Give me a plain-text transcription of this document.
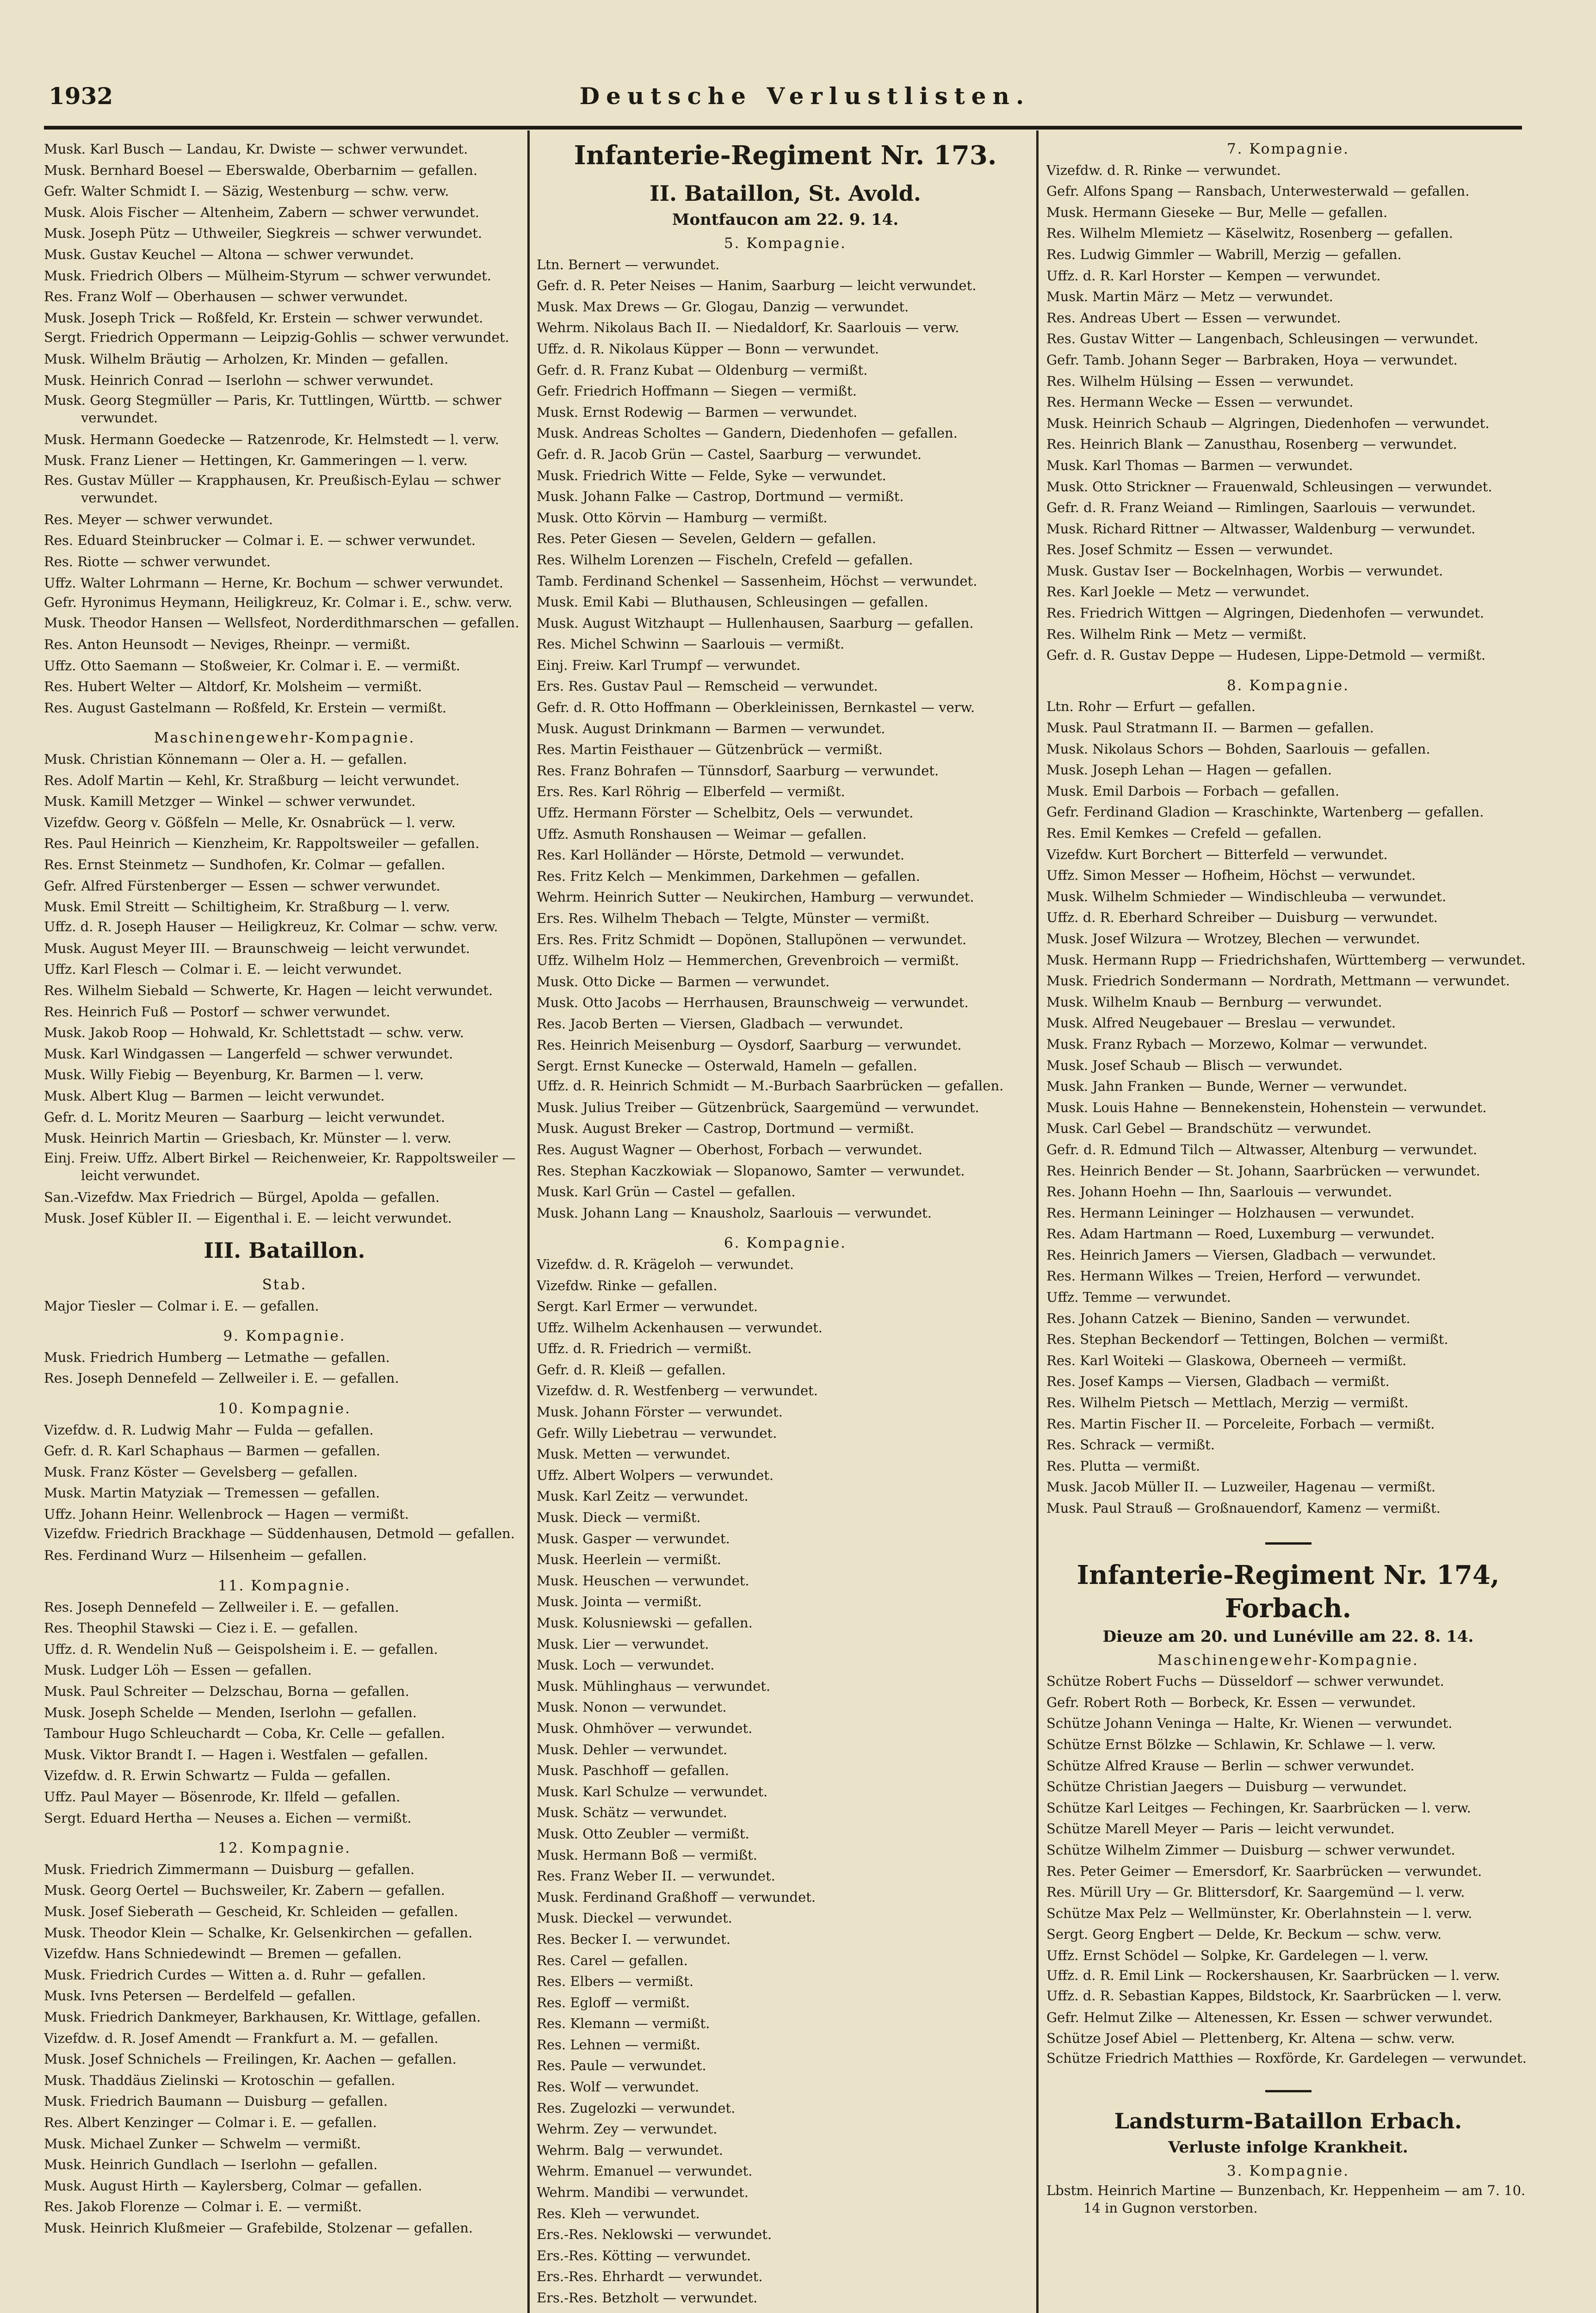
1932	Deutsche Verlustlisten.
Musk. Karl Busch — Landau, Kr. Dwiste — schwer verwundet.
Musk. Bernhard Boesel — Eberswalde, Oberbarnim — gefallen.
Gefr. Walter Schmidt I. — Säzig, Westenburg — schw. verw.
Musk. Alois Fischer — Altenheim, Zabern — schwer verwundet.
Musk. Joseph Pütz — Uthweiler, Siegkreis — schwer verwundet.
Musk. Gustav Keuchel — Altona — schwer verwundet.
Musk. Friedrich Olbers — Mülheim-Styrum — schwer verwundet.
Res. Franz Wolf — Oberhausen — schwer verwundet.
Musk. Joseph Trick — Roßfeld, Kr. Erstein — schwer verwundet.
Sergt. Friedrich Oppermann — Leipzig-Gohlis — schwer verwundet.
Musk. Wilhelm Bräutig — Arholzen, Kr. Minden — gefallen.
Musk. Heinrich Conrad — Iserlohn — schwer verwundet.
Musk. Georg Stegmüller — Paris, Kr. Tuttlingen, Württb. — schwer verwundet.
Musk. Hermann Goedecke — Ratzenrode, Kr. Helmstedt — l. verw.
Musk. Franz Liener — Hettingen, Kr. Gammeringen — l. verw.
Res. Gustav Müller — Krapphausen, Kr. Preußisch-Eylau — schwer verwundet.
Res. Meyer — schwer verwundet.
Res. Eduard Steinbrucker — Colmar i. E. — schwer verwundet.
Res. Riotte — schwer verwundet.
Uffz. Walter Lohrmann — Herne, Kr. Bochum — schwer verwundet.
Gefr. Hyronimus Heymann, Heiligkreuz, Kr. Colmar i. E., schw. verw.
Musk. Theodor Hansen — Wellsfeot, Norderdithmarschen — gefallen.
Res. Anton Heunsodt — Neviges, Rheinpr. — vermißt.
Uffz. Otto Saemann — Stoßweier, Kr. Colmar i. E. — vermißt.
Res. Hubert Welter — Altdorf, Kr. Molsheim — vermißt.
Res. August Gastelmann — Roßfeld, Kr. Erstein — vermißt.
Maschinengewehr-Kompagnie.
Musk. Christian Könnemann — Oler a. H. — gefallen.
Res. Adolf Martin — Kehl, Kr. Straßburg — leicht verwundet.
Musk. Kamill Metzger — Winkel — schwer verwundet.
Vizefdw. Georg v. Gößfeln — Melle, Kr. Osnabrück — l. verw.
Res. Paul Heinrich — Kienzheim, Kr. Rappoltsweiler — gefallen.
Res. Ernst Steinmetz — Sundhofen, Kr. Colmar — gefallen.
Gefr. Alfred Fürstenberger — Essen — schwer verwundet.
Musk. Emil Streitt — Schiltigheim, Kr. Straßburg — l. verw.
Uffz. d. R. Joseph Hauser — Heiligkreuz, Kr. Colmar — schw. verw.
Musk. August Meyer III. — Braunschweig — leicht verwundet.
Uffz. Karl Flesch — Colmar i. E. — leicht verwundet.
Res. Wilhelm Siebald — Schwerte, Kr. Hagen — leicht verwundet.
Res. Heinrich Fuß — Postorf — schwer verwundet.
Musk. Jakob Roop — Hohwald, Kr. Schlettstadt — schw. verw.
Musk. Karl Windgassen — Langerfeld — schwer verwundet.
Musk. Willy Fiebig — Beyenburg, Kr. Barmen — l. verw.
Musk. Albert Klug — Barmen — leicht verwundet.
Gefr. d. L. Moritz Meuren — Saarburg — leicht verwundet.
Musk. Heinrich Martin — Griesbach, Kr. Münster — l. verw.
Einj. Freiw. Uffz. Albert Birkel — Reichenweier, Kr. Rappoltsweiler — leicht verwundet.
San.-Vizefdw. Max Friedrich — Bürgel, Apolda — gefallen.
Musk. Josef Kübler II. — Eigenthal i. E. — leicht verwundet.
III. Bataillon.
Stab.
Major Tiesler — Colmar i. E. — gefallen.
9. Kompagnie.
Musk. Friedrich Humberg — Letmathe — gefallen.
Res. Joseph Dennefeld — Zellweiler i. E. — gefallen.
10. Kompagnie.
Vizefdw. d. R. Ludwig Mahr — Fulda — gefallen.
Gefr. d. R. Karl Schaphaus — Barmen — gefallen.
Musk. Franz Köster — Gevelsberg — gefallen.
Musk. Martin Matyziak — Tremessen — gefallen.
Uffz. Johann Heinr. Wellenbrock — Hagen — vermißt.
Vizefdw. Friedrich Brackhage — Süddenhausen, Detmold — gefallen.
Res. Ferdinand Wurz — Hilsenheim — gefallen.
11. Kompagnie.
Res. Joseph Dennefeld — Zellweiler i. E. — gefallen.
Res. Theophil Stawski — Ciez i. E. — gefallen.
Uffz. d. R. Wendelin Nuß — Geispolsheim i. E. — gefallen.
Musk. Ludger Löh — Essen — gefallen.
Musk. Paul Schreiter — Delzschau, Borna — gefallen.
Musk. Joseph Schelde — Menden, Iserlohn — gefallen.
Tambour Hugo Schleuchardt — Coba, Kr. Celle — gefallen.
Musk. Viktor Brandt I. — Hagen i. Westfalen — gefallen.
Vizefdw. d. R. Erwin Schwartz — Fulda — gefallen.
Uffz. Paul Mayer — Bösenrode, Kr. Ilfeld — gefallen.
Sergt. Eduard Hertha — Neuses a. Eichen — vermißt.
12. Kompagnie.
Musk. Friedrich Zimmermann — Duisburg — gefallen.
Musk. Georg Oertel — Buchsweiler, Kr. Zabern — gefallen.
Musk. Josef Sieberath — Gescheid, Kr. Schleiden — gefallen.
Musk. Theodor Klein — Schalke, Kr. Gelsenkirchen — gefallen.
Vizefdw. Hans Schniedewindt — Bremen — gefallen.
Musk. Friedrich Curdes — Witten a. d. Ruhr — gefallen.
Musk. Ivns Petersen — Berdelfeld — gefallen.
Musk. Friedrich Dankmeyer, Barkhausen, Kr. Wittlage, gefallen.
Vizefdw. d. R. Josef Amendt — Frankfurt a. M. — gefallen.
Musk. Josef Schnichels — Freilingen, Kr. Aachen — gefallen.
Musk. Thaddäus Zielinski — Krotoschin — gefallen.
Musk. Friedrich Baumann — Duisburg — gefallen.
Res. Albert Kenzinger — Colmar i. E. — gefallen.
Musk. Michael Zunker — Schwelm — vermißt.
Musk. Heinrich Gundlach — Iserlohn — gefallen.
Musk. August Hirth — Kaylersberg, Colmar — gefallen.
Res. Jakob Florenze — Colmar i. E. — vermißt.
Musk. Heinrich Klußmeier — Grafebilde, Stolzenar — gefallen.
Infanterie-Regiment Nr. 173.
II. Bataillon, St. Avold.
Montfaucon am 22. 9. 14.
5. Kompagnie.
Ltn. Bernert — verwundet.
Gefr. d. R. Peter Neises — Hanim, Saarburg — leicht verwundet.
Musk. Max Drews — Gr. Glogau, Danzig — verwundet.
Wehrm. Nikolaus Bach II. — Niedaldorf, Kr. Saarlouis — verw.
Uffz. d. R. Nikolaus Küpper — Bonn — verwundet.
Gefr. d. R. Franz Kubat — Oldenburg — vermißt.
Gefr. Friedrich Hoffmann — Siegen — vermißt.
Musk. Ernst Rodewig — Barmen — verwundet.
Musk. Andreas Scholtes — Gandern, Diedenhofen — gefallen.
Gefr. d. R. Jacob Grün — Castel, Saarburg — verwundet.
Musk. Friedrich Witte — Felde, Syke — verwundet.
Musk. Johann Falke — Castrop, Dortmund — vermißt.
Musk. Otto Körvin — Hamburg — vermißt.
Res. Peter Giesen — Sevelen, Geldern — gefallen.
Res. Wilhelm Lorenzen — Fischeln, Crefeld — gefallen.
Tamb. Ferdinand Schenkel — Sassenheim, Höchst — verwundet.
Musk. Emil Kabi — Bluthausen, Schleusingen — gefallen.
Musk. August Witzhaupt — Hullenhausen, Saarburg — gefallen.
Res. Michel Schwinn — Saarlouis — vermißt.
Einj. Freiw. Karl Trumpf — verwundet.
Ers. Res. Gustav Paul — Remscheid — verwundet.
Gefr. d. R. Otto Hoffmann — Oberkleinissen, Bernkastel — verw.
Musk. August Drinkmann — Barmen — verwundet.
Res. Martin Feisthauer — Gützenbrück — vermißt.
Res. Franz Bohrafen — Tünnsdorf, Saarburg — verwundet.
Ers. Res. Karl Röhrig — Elberfeld — vermißt.
Uffz. Hermann Förster — Schelbitz, Oels — verwundet.
Uffz. Asmuth Ronshausen — Weimar — gefallen.
Res. Karl Holländer — Hörste, Detmold — verwundet.
Res. Fritz Kelch — Menkimmen, Darkehmen — gefallen.
Wehrm. Heinrich Sutter — Neukirchen, Hamburg — verwundet.
Ers. Res. Wilhelm Thebach — Telgte, Münster — vermißt.
Ers. Res. Fritz Schmidt — Dopönen, Stallupönen — verwundet.
Uffz. Wilhelm Holz — Hemmerchen, Grevenbroich — vermißt.
Musk. Otto Dicke — Barmen — verwundet.
Musk. Otto Jacobs — Herrhausen, Braunschweig — verwundet.
Res. Jacob Berten — Viersen, Gladbach — verwundet.
Res. Heinrich Meisenburg — Oysdorf, Saarburg — verwundet.
Sergt. Ernst Kunecke — Osterwald, Hameln — gefallen.
Uffz. d. R. Heinrich Schmidt — M.-Burbach Saarbrücken — gefallen.
Musk. Julius Treiber — Gützenbrück, Saargemünd — verwundet.
Musk. August Breker — Castrop, Dortmund — vermißt.
Res. August Wagner — Oberhost, Forbach — verwundet.
Res. Stephan Kaczkowiak — Slopanowo, Samter — verwundet.
Musk. Karl Grün — Castel — gefallen.
Musk. Johann Lang — Knausholz, Saarlouis — verwundet.
6. Kompagnie.
Vizefdw. d. R. Krägeloh — verwundet.
Vizefdw. Rinke — gefallen.
Sergt. Karl Ermer — verwundet.
Uffz. Wilhelm Ackenhausen — verwundet.
Uffz. d. R. Friedrich — vermißt.
Gefr. d. R. Kleiß — gefallen.
Vizefdw. d. R. Westfenberg — verwundet.
Musk. Johann Förster — verwundet.
Gefr. Willy Liebetrau — verwundet.
Musk. Metten — verwundet.
Uffz. Albert Wolpers — verwundet.
Musk. Karl Zeitz — verwundet.
Musk. Dieck — vermißt.
Musk. Gasper — verwundet.
Musk. Heerlein — vermißt.
Musk. Heuschen — verwundet.
Musk. Jointa — vermißt.
Musk. Kolusniewski — gefallen.
Musk. Lier — verwundet.
Musk. Loch — verwundet.
Musk. Mühlinghaus — verwundet.
Musk. Nonon — verwundet.
Musk. Ohmhöver — verwundet.
Musk. Dehler — verwundet.
Musk. Paschhoff — gefallen.
Musk. Karl Schulze — verwundet.
Musk. Schätz — verwundet.
Musk. Otto Zeubler — vermißt.
Musk. Hermann Boß — vermißt.
Res. Franz Weber II. — verwundet.
Musk. Ferdinand Graßhoff — verwundet.
Musk. Dieckel — verwundet.
Res. Becker I. — verwundet.
Res. Carel — gefallen.
Res. Elbers — vermißt.
Res. Egloff — vermißt.
Res. Klemann — vermißt.
Res. Lehnen — vermißt.
Res. Paule — verwundet.
Res. Wolf — verwundet.
Res. Zugelozki — verwundet.
Wehrm. Zey — verwundet.
Wehrm. Balg — verwundet.
Wehrm. Emanuel — verwundet.
Wehrm. Mandibi — verwundet.
Res. Kleh — verwundet.
Ers.-Res. Neklowski — verwundet.
Ers.-Res. Kötting — verwundet.
Ers.-Res. Ehrhardt — verwundet.
Ers.-Res. Betzholt — verwundet.
7. Kompagnie.
Vizefdw. d. R. Rinke — verwundet.
Gefr. Alfons Spang — Ransbach, Unterwesterwald — gefallen.
Musk. Hermann Gieseke — Bur, Melle — gefallen.
Res. Wilhelm Mlemietz — Käselwitz, Rosenberg — gefallen.
Res. Ludwig Gimmler — Wabrill, Merzig — gefallen.
Uffz. d. R. Karl Horster — Kempen — verwundet.
Musk. Martin März — Metz — verwundet.
Res. Andreas Ubert — Essen — verwundet.
Res. Gustav Witter — Langenbach, Schleusingen — verwundet.
Gefr. Tamb. Johann Seger — Barbraken, Hoya — verwundet.
Res. Wilhelm Hülsing — Essen — verwundet.
Res. Hermann Wecke — Essen — verwundet.
Musk. Heinrich Schaub — Algringen, Diedenhofen — verwundet.
Res. Heinrich Blank — Zanusthau, Rosenberg — verwundet.
Musk. Karl Thomas — Barmen — verwundet.
Musk. Otto Strickner — Frauenwald, Schleusingen — verwundet.
Gefr. d. R. Franz Weiand — Rimlingen, Saarlouis — verwundet.
Musk. Richard Rittner — Altwasser, Waldenburg — verwundet.
Res. Josef Schmitz — Essen — verwundet.
Musk. Gustav Iser — Bockelnhagen, Worbis — verwundet.
Res. Karl Joekle — Metz — verwundet.
Res. Friedrich Wittgen — Algringen, Diedenhofen — verwundet.
Res. Wilhelm Rink — Metz — vermißt.
Gefr. d. R. Gustav Deppe — Hudesen, Lippe-Detmold — vermißt.
8. Kompagnie.
Ltn. Rohr — Erfurt — gefallen.
Musk. Paul Stratmann II. — Barmen — gefallen.
Musk. Nikolaus Schors — Bohden, Saarlouis — gefallen.
Musk. Joseph Lehan — Hagen — gefallen.
Musk. Emil Darbois — Forbach — gefallen.
Gefr. Ferdinand Gladion — Kraschinkte, Wartenberg — gefallen.
Res. Emil Kemkes — Crefeld — gefallen.
Vizefdw. Kurt Borchert — Bitterfeld — verwundet.
Uffz. Simon Messer — Hofheim, Höchst — verwundet.
Musk. Wilhelm Schmieder — Windischleuba — verwundet.
Uffz. d. R. Eberhard Schreiber — Duisburg — verwundet.
Musk. Josef Wilzura — Wrotzey, Blechen — verwundet.
Musk. Hermann Rupp — Friedrichshafen, Württemberg — verwundet.
Musk. Friedrich Sondermann — Nordrath, Mettmann — verwundet.
Musk. Wilhelm Knaub — Bernburg — verwundet.
Musk. Alfred Neugebauer — Breslau — verwundet.
Musk. Franz Rybach — Morzewo, Kolmar — verwundet.
Musk. Josef Schaub — Blisch — verwundet.
Musk. Jahn Franken — Bunde, Werner — verwundet.
Musk. Louis Hahne — Bennekenstein, Hohenstein — verwundet.
Musk. Carl Gebel — Brandschütz — verwundet.
Gefr. d. R. Edmund Tilch — Altwasser, Altenburg — verwundet.
Res. Heinrich Bender — St. Johann, Saarbrücken — verwundet.
Res. Johann Hoehn — Ihn, Saarlouis — verwundet.
Res. Hermann Leininger — Holzhausen — verwundet.
Res. Adam Hartmann — Roed, Luxemburg — verwundet.
Res. Heinrich Jamers — Viersen, Gladbach — verwundet.
Res. Hermann Wilkes — Treien, Herford — verwundet.
Uffz. Temme — verwundet.
Res. Johann Catzek — Bienino, Sanden — verwundet.
Res. Stephan Beckendorf — Tettingen, Bolchen — vermißt.
Res. Karl Woiteki — Glaskowa, Oberneeh — vermißt.
Res. Josef Kamps — Viersen, Gladbach — vermißt.
Res. Wilhelm Pietsch — Mettlach, Merzig — vermißt.
Res. Martin Fischer II. — Porceleite, Forbach — vermißt.
Res. Schrack — vermißt.
Res. Plutta — vermißt.
Musk. Jacob Müller II. — Luzweiler, Hagenau — vermißt.
Musk. Paul Strauß — Großnauendorf, Kamenz — vermißt.
Infanterie-Regiment Nr. 174, Forbach.
Dieuze am 20. und Lunéville am 22. 8. 14.
Maschinengewehr-Kompagnie.
Schütze Robert Fuchs — Düsseldorf — schwer verwundet.
Gefr. Robert Roth — Borbeck, Kr. Essen — verwundet.
Schütze Johann Veninga — Halte, Kr. Wienen — verwundet.
Schütze Ernst Bölzke — Schlawin, Kr. Schlawe — l. verw.
Schütze Alfred Krause — Berlin — schwer verwundet.
Schütze Christian Jaegers — Duisburg — verwundet.
Schütze Karl Leitges — Fechingen, Kr. Saarbrücken — l. verw.
Schütze Marell Meyer — Paris — leicht verwundet.
Schütze Wilhelm Zimmer — Duisburg — schwer verwundet.
Res. Peter Geimer — Emersdorf, Kr. Saarbrücken — verwundet.
Res. Mürill Ury — Gr. Blittersdorf, Kr. Saargemünd — l. verw.
Schütze Max Pelz — Wellmünster, Kr. Oberlahnstein — l. verw.
Sergt. Georg Engbert — Delde, Kr. Beckum — schw. verw.
Uffz. Ernst Schödel — Solpke, Kr. Gardelegen — l. verw.
Uffz. d. R. Emil Link — Rockershausen, Kr. Saarbrücken — l. verw.
Uffz. d. R. Sebastian Kappes, Bildstock, Kr. Saarbrücken — l. verw.
Gefr. Helmut Zilke — Altenessen, Kr. Essen — schwer verwundet.
Schütze Josef Abiel — Plettenberg, Kr. Altena — schw. verw.
Schütze Friedrich Matthies — Roxförde, Kr. Gardelegen — verwundet.
Landsturm-Bataillon Erbach.
Verluste infolge Krankheit.
3. Kompagnie.
Lbstm. Heinrich Martine — Bunzenbach, Kr. Heppenheim — am 7. 10. 14 in Gugnon verstorben.
